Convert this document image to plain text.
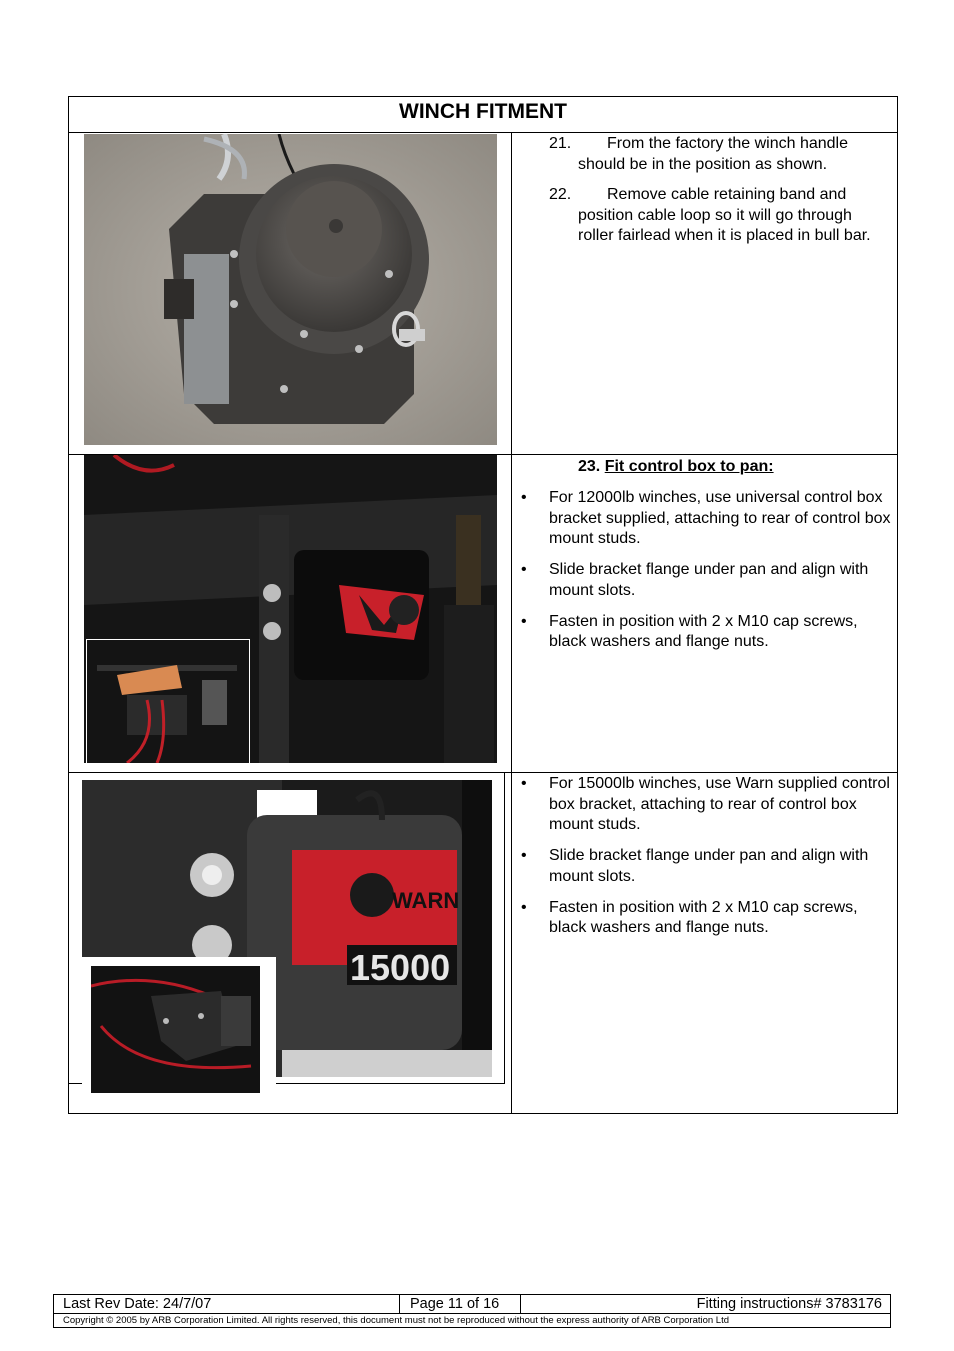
WINCH FITMENT
21.	From the factory the winch handle should be in the position as shown.
22.	Remove cable retaining band and position cable loop so it will go through roller fairlead when it is placed in bull bar.
23. Fit control box to pan:
• For 12000lb winches, use universal control box bracket supplied, attaching to rear of control box mount studs.
• Slide bracket flange under pan and align with mount slots.
• Fasten in position with 2 x M10 cap screws, black washers and flange nuts.
WARN
15000
• For 15000lb winches, use Warn supplied control box bracket, attaching to rear of control box mount studs.
• Slide bracket flange under pan and align with mount slots.
• Fasten in position with 2 x M10 cap screws, black washers and flange nuts.
Last Rev Date: 24/7/07	Page 11 of 16	Fitting instructions# 3783176
Copyright © 2005 by ARB Corporation Limited. All rights reserved, this document must not be reproduced without the express authority of ARB Corporation Ltd
